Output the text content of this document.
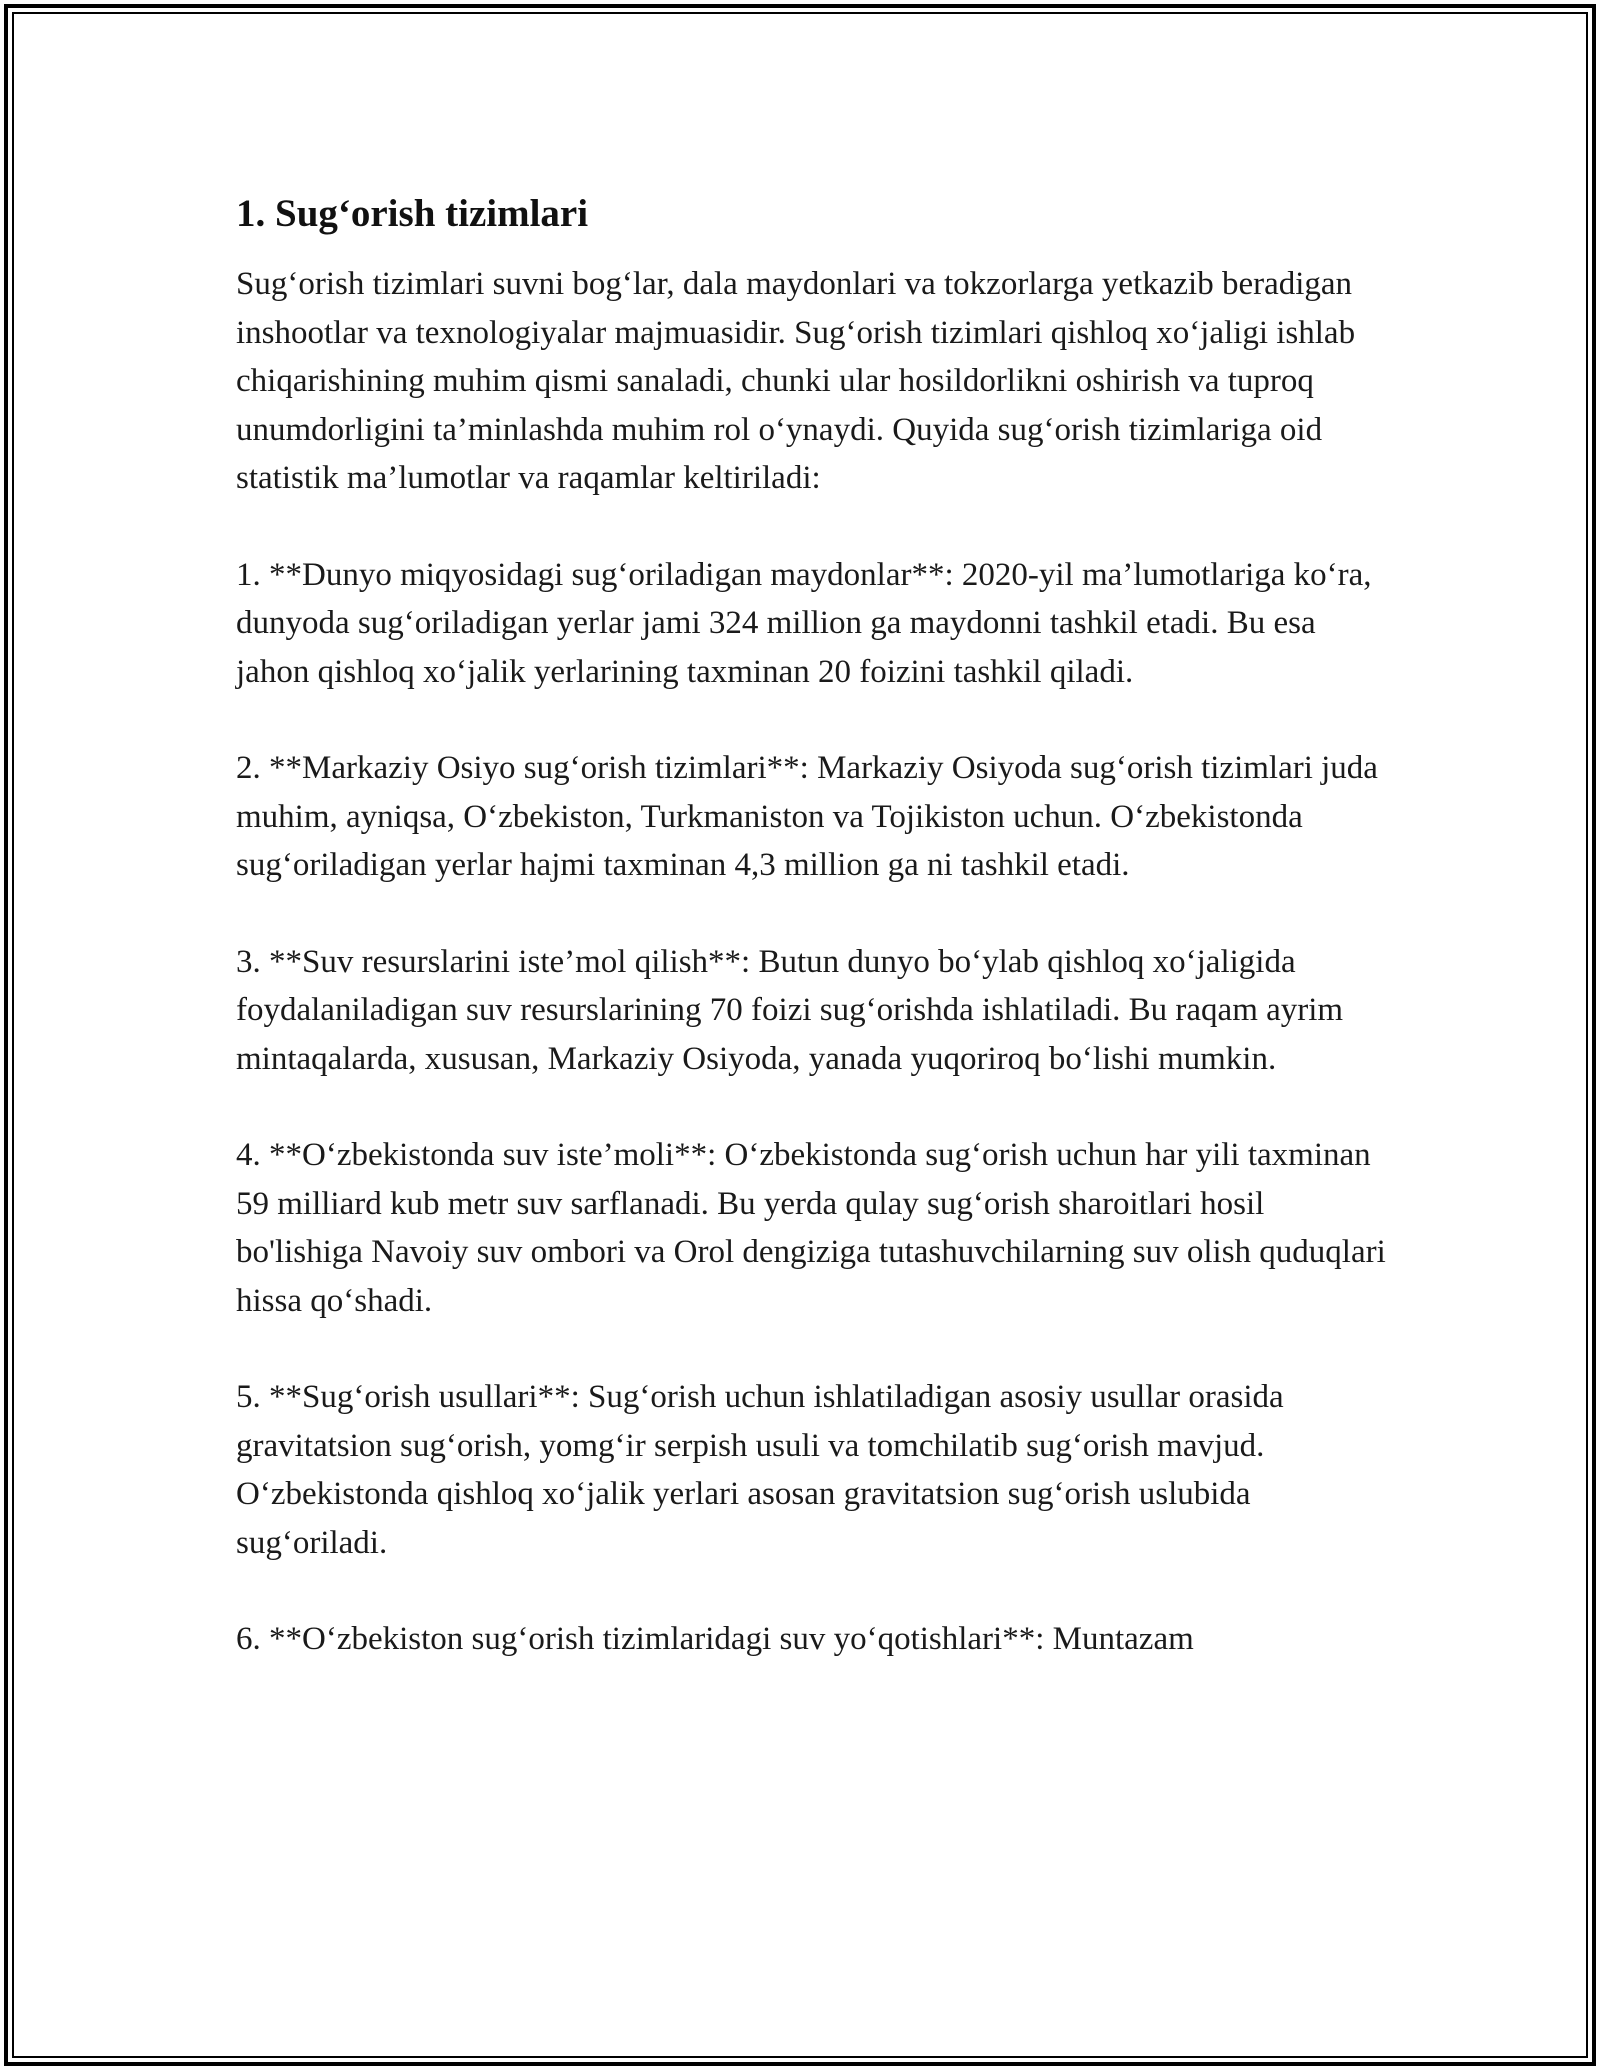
1. Sug‘orish tizimlari

Sug‘orish tizimlari suvni bog‘lar, dala maydonlari va tokzorlarga yetkazib beradigan inshootlar va texnologiyalar majmuasidir. Sug‘orish tizimlari qishloq xo‘jaligi ishlab chiqarishining muhim qismi sanaladi, chunki ular hosildorlikni oshirish va tuproq unumdorligini ta’minlashda muhim rol o‘ynaydi. Quyida sug‘orish tizimlariga oid statistik ma’lumotlar va raqamlar keltiriladi:

1. **Dunyo miqyosidagi sug‘oriladigan maydonlar**: 2020-yil ma’lumotlariga ko‘ra, dunyoda sug‘oriladigan yerlar jami 324 million ga maydonni tashkil etadi. Bu esa jahon qishloq xo‘jalik yerlarining taxminan 20 foizini tashkil qiladi.

2. **Markaziy Osiyo sug‘orish tizimlari**: Markaziy Osiyoda sug‘orish tizimlari juda muhim, ayniqsa, O‘zbekiston, Turkmaniston va Tojikiston uchun. O‘zbekistonda sug‘oriladigan yerlar hajmi taxminan 4,3 million ga ni tashkil etadi.

3. **Suv resurslarini iste’mol qilish**: Butun dunyo bo‘ylab qishloq xo‘jaligida foydalaniladigan suv resurslarining 70 foizi sug‘orishda ishlatiladi. Bu raqam ayrim mintaqalarda, xususan, Markaziy Osiyoda, yanada yuqoriroq bo‘lishi mumkin.

4. **O‘zbekistonda suv iste’moli**: O‘zbekistonda sug‘orish uchun har yili taxminan 59 milliard kub metr suv sarflanadi. Bu yerda qulay sug‘orish sharoitlari hosil bo'lishiga Navoiy suv ombori va Orol dengiziga tutashuvchilarning suv olish quduqlari hissa qo‘shadi.

5. **Sug‘orish usullari**: Sug‘orish uchun ishlatiladigan asosiy usullar orasida gravitatsion sug‘orish, yomg‘ir serpish usuli va tomchilatib sug‘orish mavjud. O‘zbekistonda qishloq xo‘jalik yerlari asosan gravitatsion sug‘orish uslubida sug‘oriladi.

6. **O‘zbekiston sug‘orish tizimlaridagi suv yo‘qotishlari**: Muntazam
